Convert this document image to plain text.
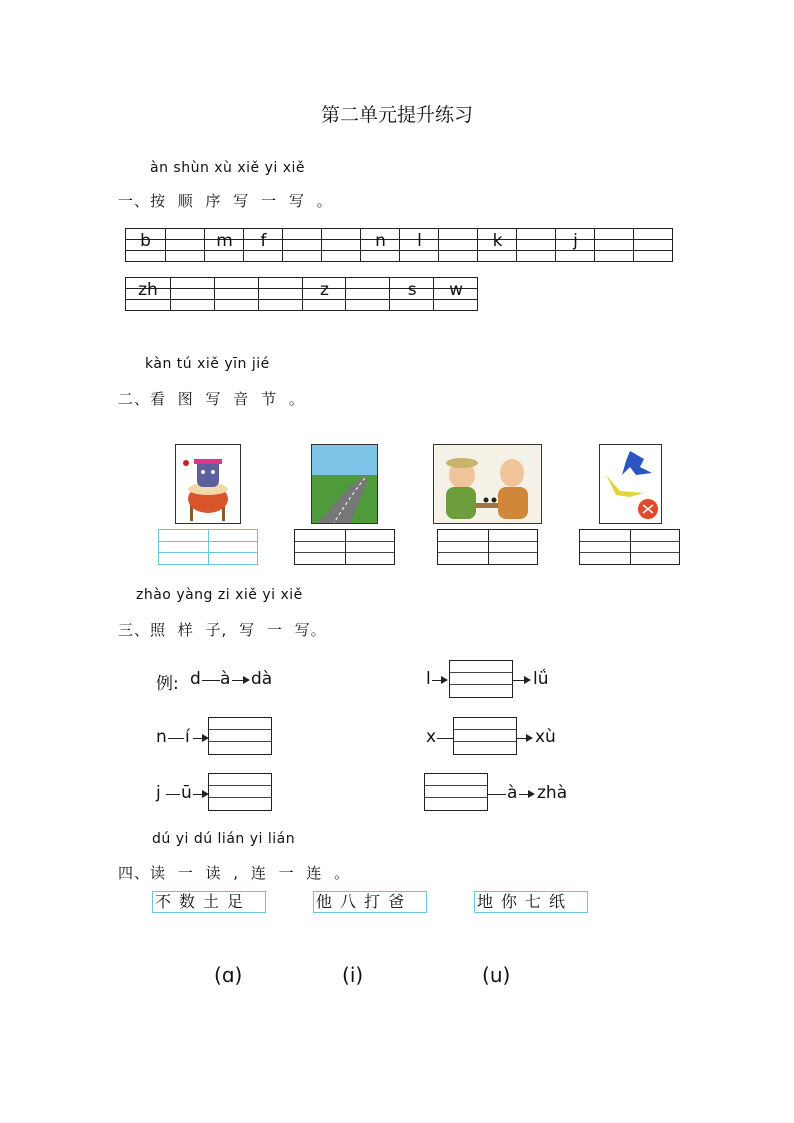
第二单元提升练习
àn shùn xù xiě yi xiě
一、按 顺 序 写 一 写 。
b	m	f	n	l	k	j
zh	z	s	w
kàn tú xiě yīn jié
二、看 图 写 音 节 。
zhào yàng zi xiě yi xiě
三、照 样 子, 写 一 写。
例: d à dà	l	lǘ
n í	x	xù
j ū	à zhà
dú yi dú lián yi lián
四、读 一 读 , 连 一 连 。
不数土足	他八打爸	地你七纸
(ɑ)	(i)	(u)
